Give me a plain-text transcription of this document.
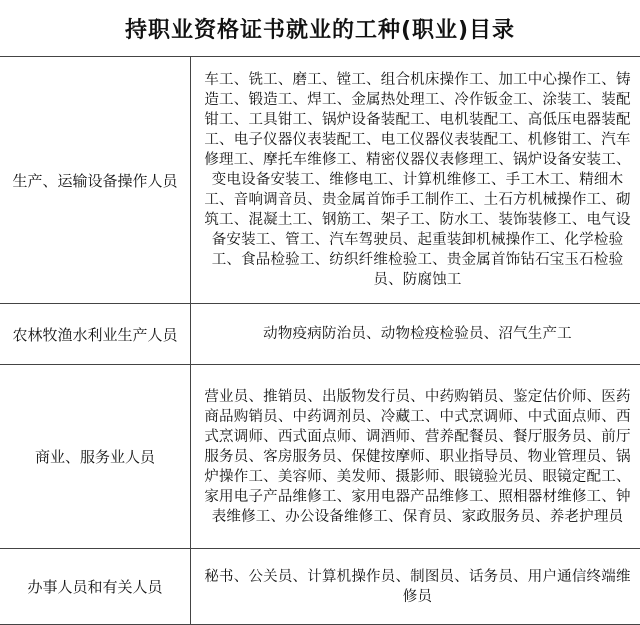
持职业资格证书就业的工种(职业)目录
生产、运输设备操作人员	车工、铣工、磨工、镗工、组合机床操作工、加工中心操作工、铸造工、锻造工、焊工、金属热处理工、冷作钣金工、涂装工、装配钳工、工具钳工、锅炉设备装配工、电机装配工、高低压电器装配工、电子仪器仪表装配工、电工仪器仪表装配工、机修钳工、汽车修理工、摩托车维修工、精密仪器仪表修理工、锅炉设备安装工、变电设备安装工、维修电工、计算机维修工、手工木工、精细木工、音响调音员、贵金属首饰手工制作工、土石方机械操作工、砌筑工、混凝土工、钢筋工、架子工、防水工、装饰装修工、电气设备安装工、管工、汽车驾驶员、起重装卸机械操作工、化学检验工、食品检验工、纺织纤维检验工、贵金属首饰钻石宝玉石检验员、防腐蚀工
农林牧渔水利业生产人员	动物疫病防治员、动物检疫检验员、沼气生产工
商业、服务业人员	营业员、推销员、出版物发行员、中药购销员、鉴定估价师、医药商品购销员、中药调剂员、冷藏工、中式烹调师、中式面点师、西式烹调师、西式面点师、调酒师、营养配餐员、餐厅服务员、前厅服务员、客房服务员、保健按摩师、职业指导员、物业管理员、锅炉操作工、美容师、美发师、摄影师、眼镜验光员、眼镜定配工、家用电子产品维修工、家用电器产品维修工、照相器材维修工、钟表维修工、办公设备维修工、保育员、家政服务员、养老护理员
办事人员和有关人员	秘书、公关员、计算机操作员、制图员、话务员、用户通信终端维修员
